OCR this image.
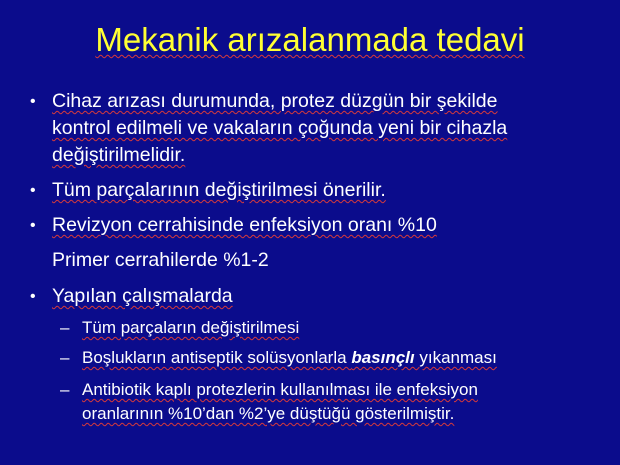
Mekanik arızalanmada tedavi
• Cihaz arızası durumunda, protez düzgün bir şekilde
kontrol edilmeli ve vakaların çoğunda yeni bir cihazla
değiştirilmelidir.
• Tüm parçalarının değiştirilmesi önerilir.
• Revizyon cerrahisinde enfeksiyon oranı %10
Primer cerrahilerde %1-2
• Yapılan çalışmalarda
– Tüm parçaların değiştirilmesi
– Boşlukların antiseptik solüsyonlarla basınçlı yıkanması
– Antibiotik kaplı protezlerin kullanılması ile enfeksiyon
oranlarının %10’dan %2’ye düştüğü gösterilmiştir.
